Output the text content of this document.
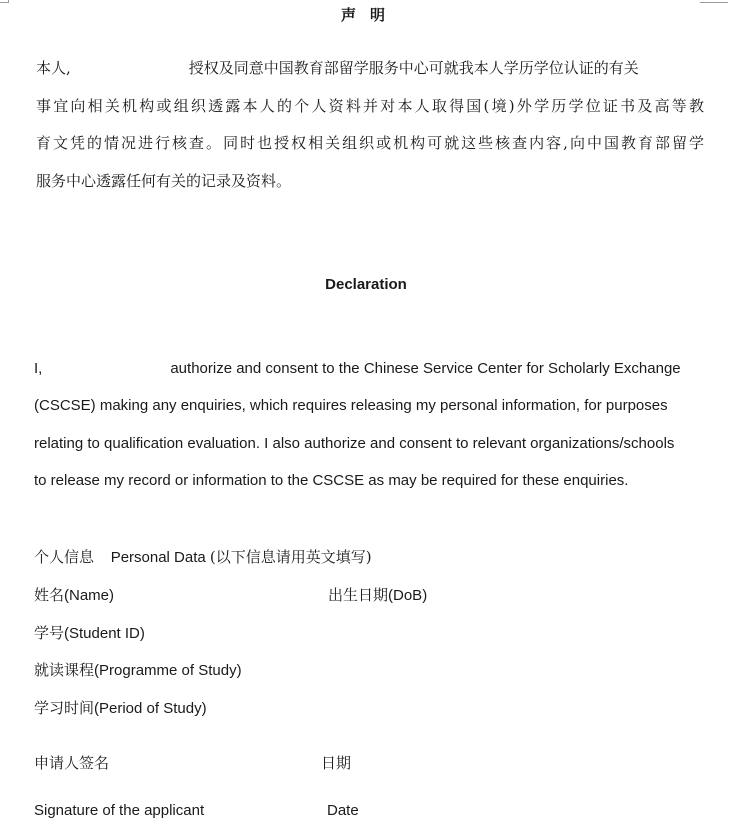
声明
本人,	授权及同意中国教育部留学服务中心可就我本人学历学位认证的有关
事宜向相关机构或组织透露本人的个人资料并对本人取得国(境)外学历学位证书及高等教
育文凭的情况进行核查。同时也授权相关组织或机构可就这些核查内容,向中国教育部留学
服务中心透露任何有关的记录及资料。
Declaration
I,	authorize and consent to the Chinese Service Center for Scholarly Exchange
(CSCSE) making any enquiries, which requires releasing my personal information, for purposes
relating to qualification evaluation. I also authorize and consent to relevant organizations/schools
to release my record or information to the CSCSE as may be required for these enquiries.
个人信息 Personal Data (以下信息请用英文填写)
姓名(Name)	出生日期(DoB)
学号(Student ID)
就读课程(Programme of Study)
学习时间(Period of Study)
申请人签名	日期
Signature of the applicant	Date
